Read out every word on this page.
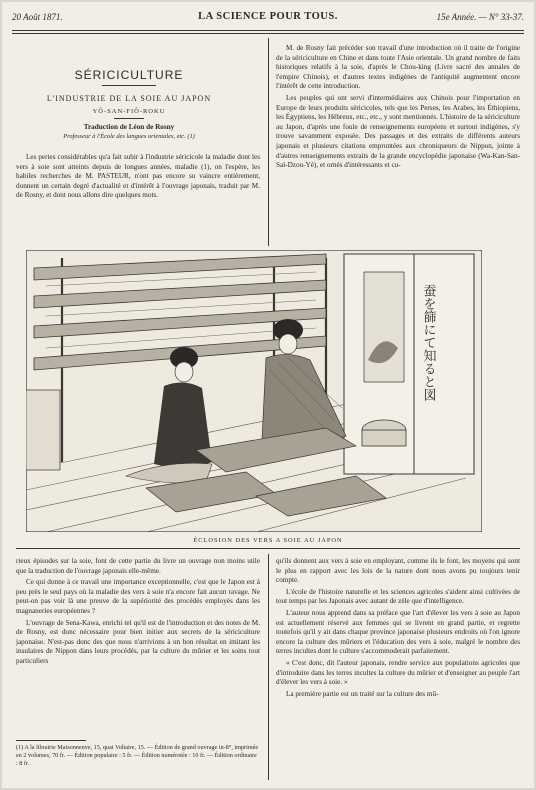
20 Août 1871.	LA SCIENCE POUR TOUS.	15e Année. — N° 33-37.
SÉRICICULTURE
L'INDUSTRIE DE LA SOIE AU JAPON
YÔ-SAN-FIÔ-ROKU
Traduction de Léon de Rosny
Professeur à l'École des langues orientales, etc. (1)

Les pertes considérables qu'a fait subir à l'industrie séricicole la maladie dont les vers à soie sont atteints depuis de longues années, maladie (1), on l'espère, les habiles recherches de M. PASTEUR, n'ont pas encore su vaincre entièrement, donnent un certain degré d'actualité et d'intérêt à l'ouvrage japonais, traduit par M. de Rosny, et dont nous allons dire quelques mots.

M. de Rosny fait précéder son travail d'une introduction où il traite de l'origine de la sériciculture en Chine et dans toute l'Asie orientale. Un grand nombre de faits historiques relatifs à la soie, d'après le Chou-king (Livre sacré des annales de l'empire Chinois), et d'autres textes indigènes de l'antiquité augmentent encore l'intérêt de cette introduction.

Les peuples qui ont servi d'intermédiaires aux Chinois pour l'importation en Europe de leurs produits séricicoles, tels que les Perses, les Arabes, les Éthiopiens, les Égyptiens, les Hébreux, etc., etc., y sont mentionnés. L'histoire de la sériciculture au Japon, d'après une foule de renseignements européens et surtout indigènes, s'y trouve savamment exposée. Des passages et des extraits de différents auteurs japonais et plusieurs citations empruntées aux chroniqueurs de Nippon, jointe à d'autres renseignements extraits de la grande encyclopédie japonaise (Wa-Kan-San-Saï-Dzou-Yé), et ornés d'intéressants et cu-

蚕を篩にて知ると図
ÉCLOSION DES VERS A SOIE AU JAPON

rieux épisodes sur la soie, font de cette partie du livre un ouvrage non moins utile que la traduction de l'ouvrage japonais elle-même.

Ce qui donne à ce travail une importance exceptionnelle, c'est que le Japon est à peu près le seul pays où la maladie des vers à soie n'a encore fait aucun ravage. Ne peut-on pas voir là une preuve de la supériorité des procédés employés dans les magnaneries européennes ?

L'ouvrage de Sena-Kawa, enrichi tel qu'il est de l'introduction et des notes de M. de Rosny, est donc nécessaire pour bien initier aux secrets de la sériciculture japonaise. N'est-pas donc des que nous n'arrivions à un bon résultat en imitant les insulaires de Nippon dans leurs procédés, par la culture du mûrier et les soins tout particuliers

(1) A la librairie Maisonneuve, 15, quai Voltaire, 15. — Édition de grand ouvrage in-8°, imprimée en 2 volumes, 70 fr. — Édition populaire : 5 fr. — Édition numérotée : 10 fr. — Édition ordinaire : 8 fr.

qu'ils donnent aux vers à soie en employant, comme ils le font, les moyens qui sont le plus en rapport avec les lois de la nature dont nous avons pu toujours tenir compte.

L'école de l'histoire naturelle et les sciences agricoles s'aident ainsi cultivées de tout temps par les Japonais avec autant de zèle que d'intelligence.

L'auteur nous apprend dans sa préface que l'art d'élever les vers à soie au Japon est actuellement réservé aux femmes qui se livrent en grand partie, et regrette toutefois qu'il y ait dans chaque province japonaise plusieurs endroits où l'on ignore encore la culture des mûriers et l'éducation des vers à soie, malgré le nombre des terres incultes dont le culture s'accommoderait parfaitement.

« C'est donc, dit l'auteur japonais, rendre service aux populations agricoles que d'introduire dans les terres incultes la culture du mûrier et d'enseigner au peuple l'art d'élever les vers à soie. »

La première partie est un traité sur la culture des mû-
